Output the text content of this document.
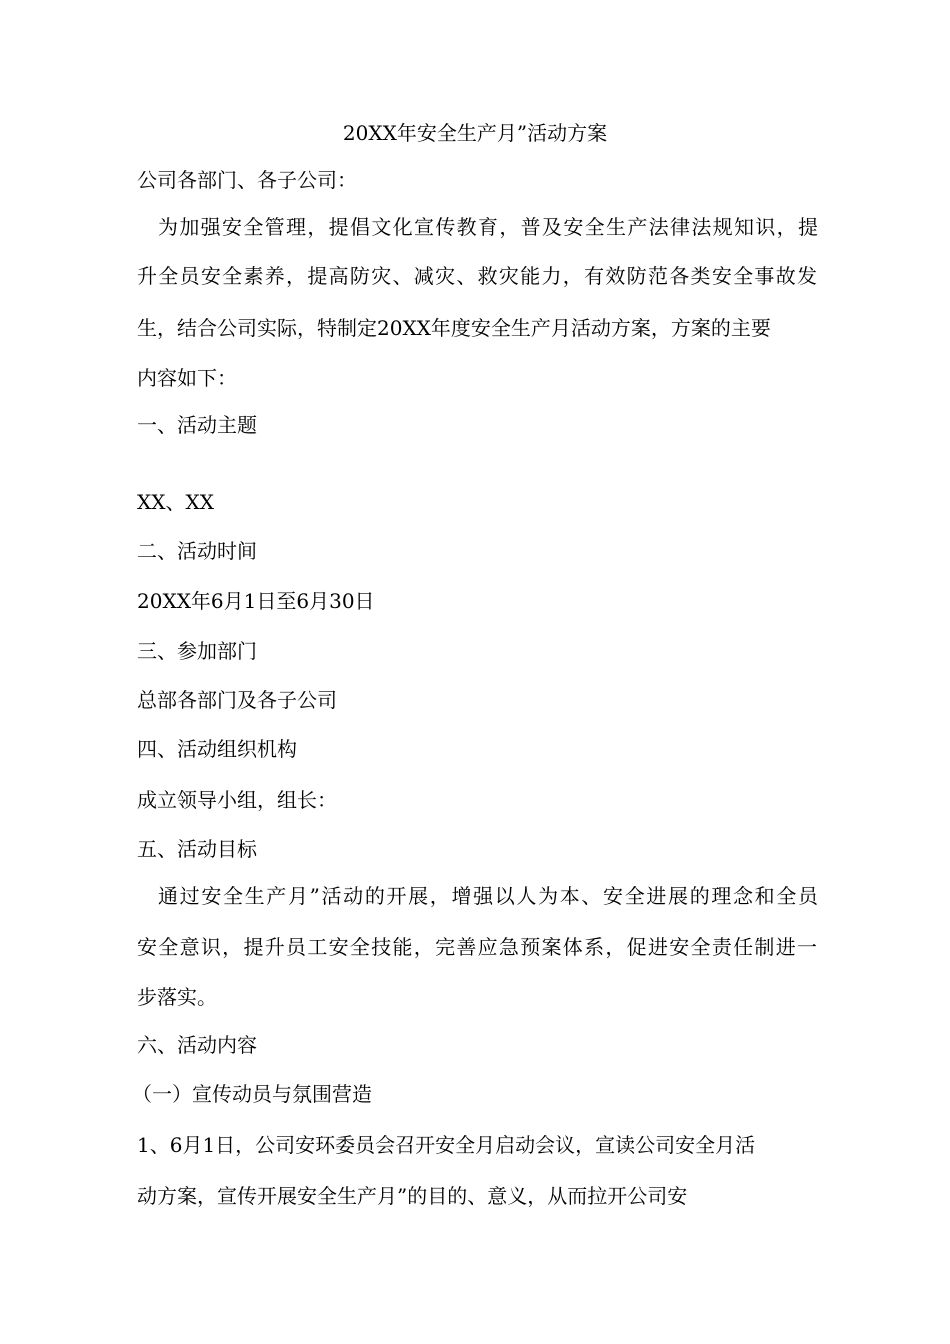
20XX年安全生产月”活动方案
公司各部门、各子公司：
为加强安全管理，提倡文化宣传教育，普及安全生产法律法规知识，提
升全员安全素养，提高防灾、减灾、救灾能力，有效防范各类安全事故发
生，结合公司实际，特制定20XX年度安全生产月活动方案，方案的主要
内容如下：
一、活动主题
XX、XX
二、活动时间
20XX年6月1日至6月30日
三、参加部门
总部各部门及各子公司
四、活动组织机构
成立领导小组，组长：
五、活动目标
通过安全生产月”活动的开展，增强以人为本、安全进展的理念和全员
安全意识，提升员工安全技能，完善应急预案体系，促进安全责任制进一
步落实。
六、活动内容
（一）宣传动员与氛围营造
1、6月1日，公司安环委员会召开安全月启动会议，宣读公司安全月活
动方案，宣传开展安全生产月”的目的、意义，从而拉开公司安
